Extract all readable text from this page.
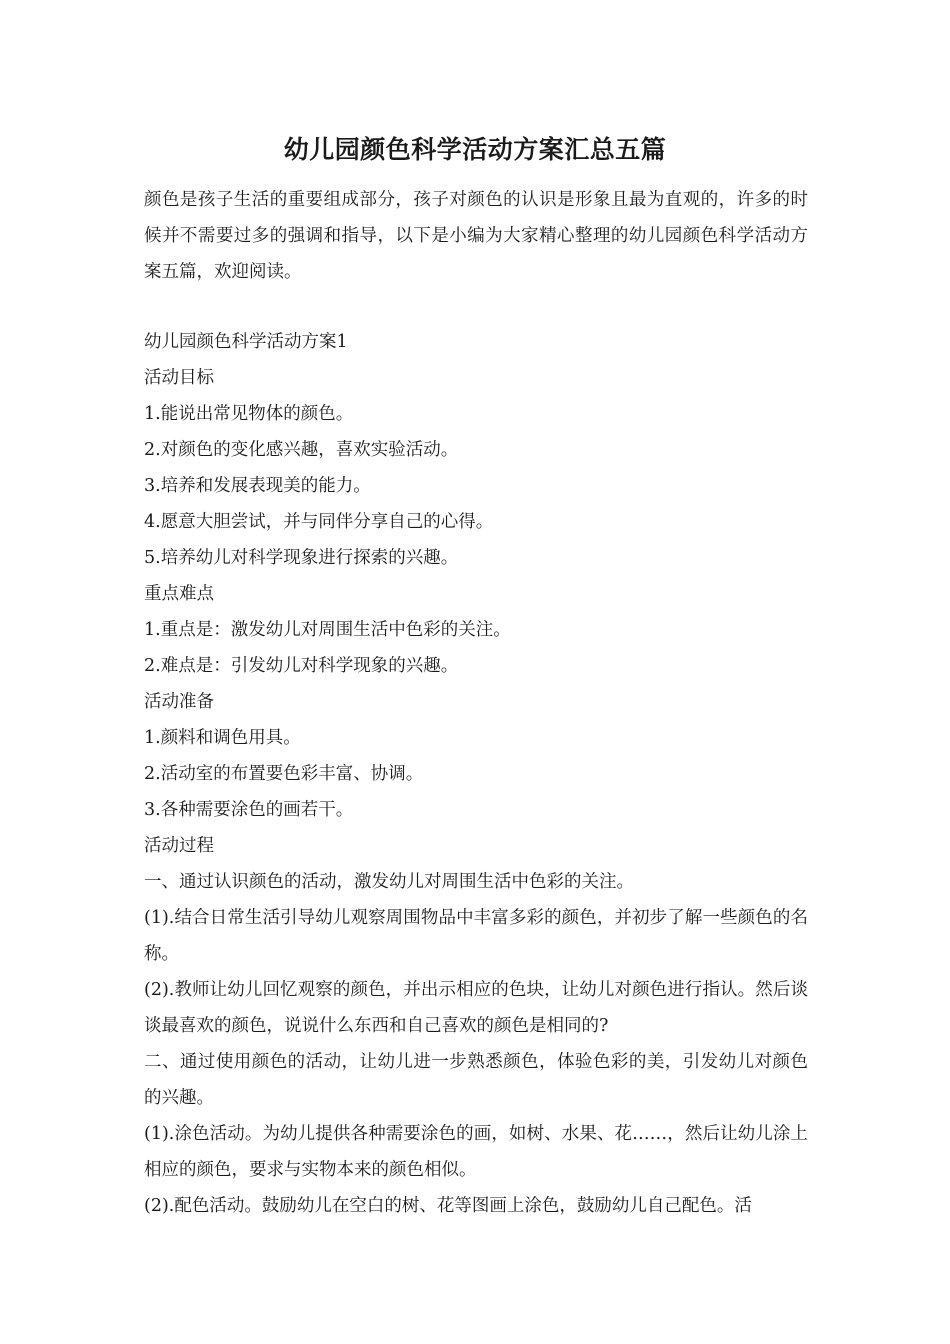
幼儿园颜色科学活动方案汇总五篇

颜色是孩子生活的重要组成部分，孩子对颜色的认识是形象且最为直观的，许多的时候并不需要过多的强调和指导，以下是小编为大家精心整理的幼儿园颜色科学活动方案五篇，欢迎阅读。

幼儿园颜色科学活动方案1

活动目标

1.能说出常见物体的颜色。

2.对颜色的变化感兴趣，喜欢实验活动。

3.培养和发展表现美的能力。

4.愿意大胆尝试，并与同伴分享自己的心得。

5.培养幼儿对科学现象进行探索的兴趣。

重点难点

1.重点是：激发幼儿对周围生活中色彩的关注。

2.难点是：引发幼儿对科学现象的兴趣。

活动准备

1.颜料和调色用具。

2.活动室的布置要色彩丰富、协调。

3.各种需要涂色的画若干。

活动过程

一、通过认识颜色的活动，激发幼儿对周围生活中色彩的关注。

(1).结合日常生活引导幼儿观察周围物品中丰富多彩的颜色，并初步了解一些颜色的名称。

(2).教师让幼儿回忆观察的颜色，并出示相应的色块，让幼儿对颜色进行指认。然后谈谈最喜欢的颜色，说说什么东西和自己喜欢的颜色是相同的?

二、通过使用颜色的活动，让幼儿进一步熟悉颜色，体验色彩的美，引发幼儿对颜色的兴趣。

(1).涂色活动。为幼儿提供各种需要涂色的画，如树、水果、花……，然后让幼儿涂上相应的颜色，要求与实物本来的颜色相似。

(2).配色活动。鼓励幼儿在空白的树、花等图画上涂色，鼓励幼儿自己配色。活
